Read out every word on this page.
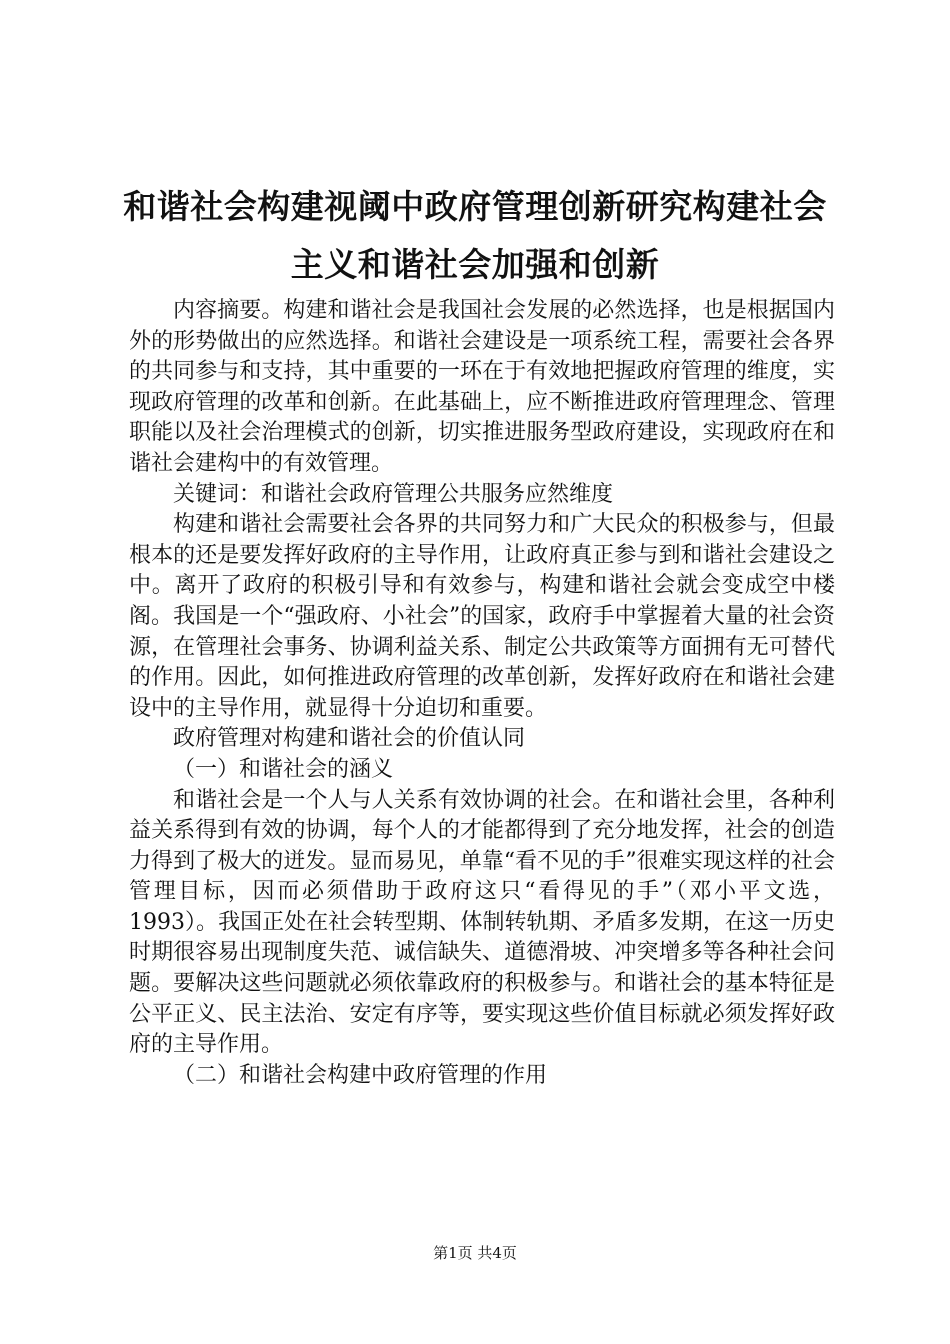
和谐社会构建视阈中政府管理创新研究构建社会主义和谐社会加强和创新

内容摘要。构建和谐社会是我国社会发展的必然选择，也是根据国内外的形势做出的应然选择。和谐社会建设是一项系统工程，需要社会各界的共同参与和支持，其中重要的一环在于有效地把握政府管理的维度，实现政府管理的改革和创新。在此基础上，应不断推进政府管理理念、管理职能以及社会治理模式的创新，切实推进服务型政府建设，实现政府在和谐社会建构中的有效管理。

关键词：和谐社会政府管理公共服务应然维度

构建和谐社会需要社会各界的共同努力和广大民众的积极参与，但最根本的还是要发挥好政府的主导作用，让政府真正参与到和谐社会建设之中。离开了政府的积极引导和有效参与，构建和谐社会就会变成空中楼阁。我国是一个“强政府、小社会”的国家，政府手中掌握着大量的社会资源，在管理社会事务、协调利益关系、制定公共政策等方面拥有无可替代的作用。因此，如何推进政府管理的改革创新，发挥好政府在和谐社会建设中的主导作用，就显得十分迫切和重要。

政府管理对构建和谐社会的价值认同

（一）和谐社会的涵义

和谐社会是一个人与人关系有效协调的社会。在和谐社会里，各种利益关系得到有效的协调，每个人的才能都得到了充分地发挥，社会的创造力得到了极大的迸发。显而易见，单靠“看不见的手”很难实现这样的社会管理目标，因而必须借助于政府这只“看得见的手”（邓小平文选，1993）。我国正处在社会转型期、体制转轨期、矛盾多发期，在这一历史时期很容易出现制度失范、诚信缺失、道德滑坡、冲突增多等各种社会问题。要解决这些问题就必须依靠政府的积极参与。和谐社会的基本特征是公平正义、民主法治、安定有序等，要实现这些价值目标就必须发挥好政府的主导作用。

（二）和谐社会构建中政府管理的作用

第1页 共4页
